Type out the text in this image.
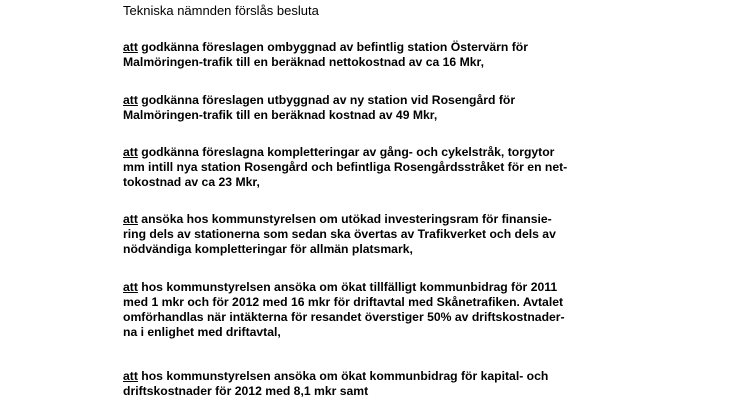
Tekniska nämnden förslås besluta
att godkänna föreslagen ombyggnad av befintlig station Östervärn för
Malmöringen-trafik till en beräknad nettokostnad av ca 16 Mkr,
att godkänna föreslagen utbyggnad av ny station vid Rosengård för
Malmöringen-trafik till en beräknad kostnad av 49 Mkr,
att godkänna föreslagna kompletteringar av gång- och cykelstråk, torgytor
mm intill nya station Rosengård och befintliga Rosengårdsstråket för en net-
tokostnad av ca 23 Mkr,
att ansöka hos kommunstyrelsen om utökad investeringsram för finansie-
ring dels av stationerna som sedan ska övertas av Trafikverket och dels av
nödvändiga kompletteringar för allmän platsmark,
att hos kommunstyrelsen ansöka om ökat tillfälligt kommunbidrag för 2011
med 1 mkr och för 2012 med 16 mkr för driftavtal med Skånetrafiken. Avtalet
omförhandlas när intäkterna för resandet överstiger 50% av driftskostnader-
na i enlighet med driftavtal,
att hos kommunstyrelsen ansöka om ökat kommunbidrag för kapital- och
driftskostnader för 2012 med 8,1 mkr samt
